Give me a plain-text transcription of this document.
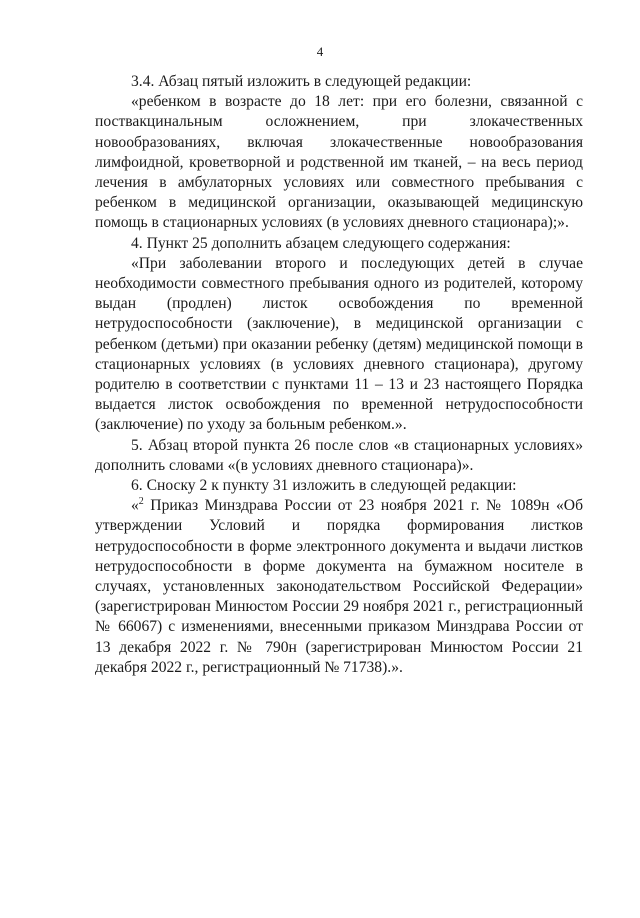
4

3.4. Абзац пятый изложить в следующей редакции:

«ребенком в возрасте до 18 лет: при его болезни, связанной с поствакцинальным осложнением, при злокачественных новообразованиях, включая злокачественные новообразования лимфоидной, кроветворной и родственной им тканей, – на весь период лечения в амбулаторных условиях или совместного пребывания с ребенком в медицинской организации, оказывающей медицинскую помощь в стационарных условиях (в условиях дневного стационара);».

4. Пункт 25 дополнить абзацем следующего содержания:

«При заболевании второго и последующих детей в случае необходимости совместного пребывания одного из родителей, которому выдан (продлен) листок освобождения по временной нетрудоспособности (заключение), в медицинской организации с ребенком (детьми) при оказании ребенку (детям) медицинской помощи в стационарных условиях (в условиях дневного стационара), другому родителю в соответствии с пунктами 11 – 13 и 23 настоящего Порядка выдается листок освобождения по временной нетрудоспособности (заключение) по уходу за больным ребенком.».

5. Абзац второй пункта 26 после слов «в стационарных условиях» дополнить словами «(в условиях дневного стационара)».

6. Сноску 2 к пункту 31 изложить в следующей редакции:

«$^2$ Приказ Минздрава России от 23 ноября 2021 г. № 1089н «Об утверждении Условий и порядка формирования листков нетрудоспособности в форме электронного документа и выдачи листков нетрудоспособности в форме документа на бумажном носителе в случаях, установленных законодательством Российской Федерации» (зарегистрирован Минюстом России 29 ноября 2021 г., регистрационный № 66067) с изменениями, внесенными приказом Минздрава России от 13 декабря 2022 г. № 790н (зарегистрирован Минюстом России 21 декабря 2022 г., регистрационный № 71738).».
